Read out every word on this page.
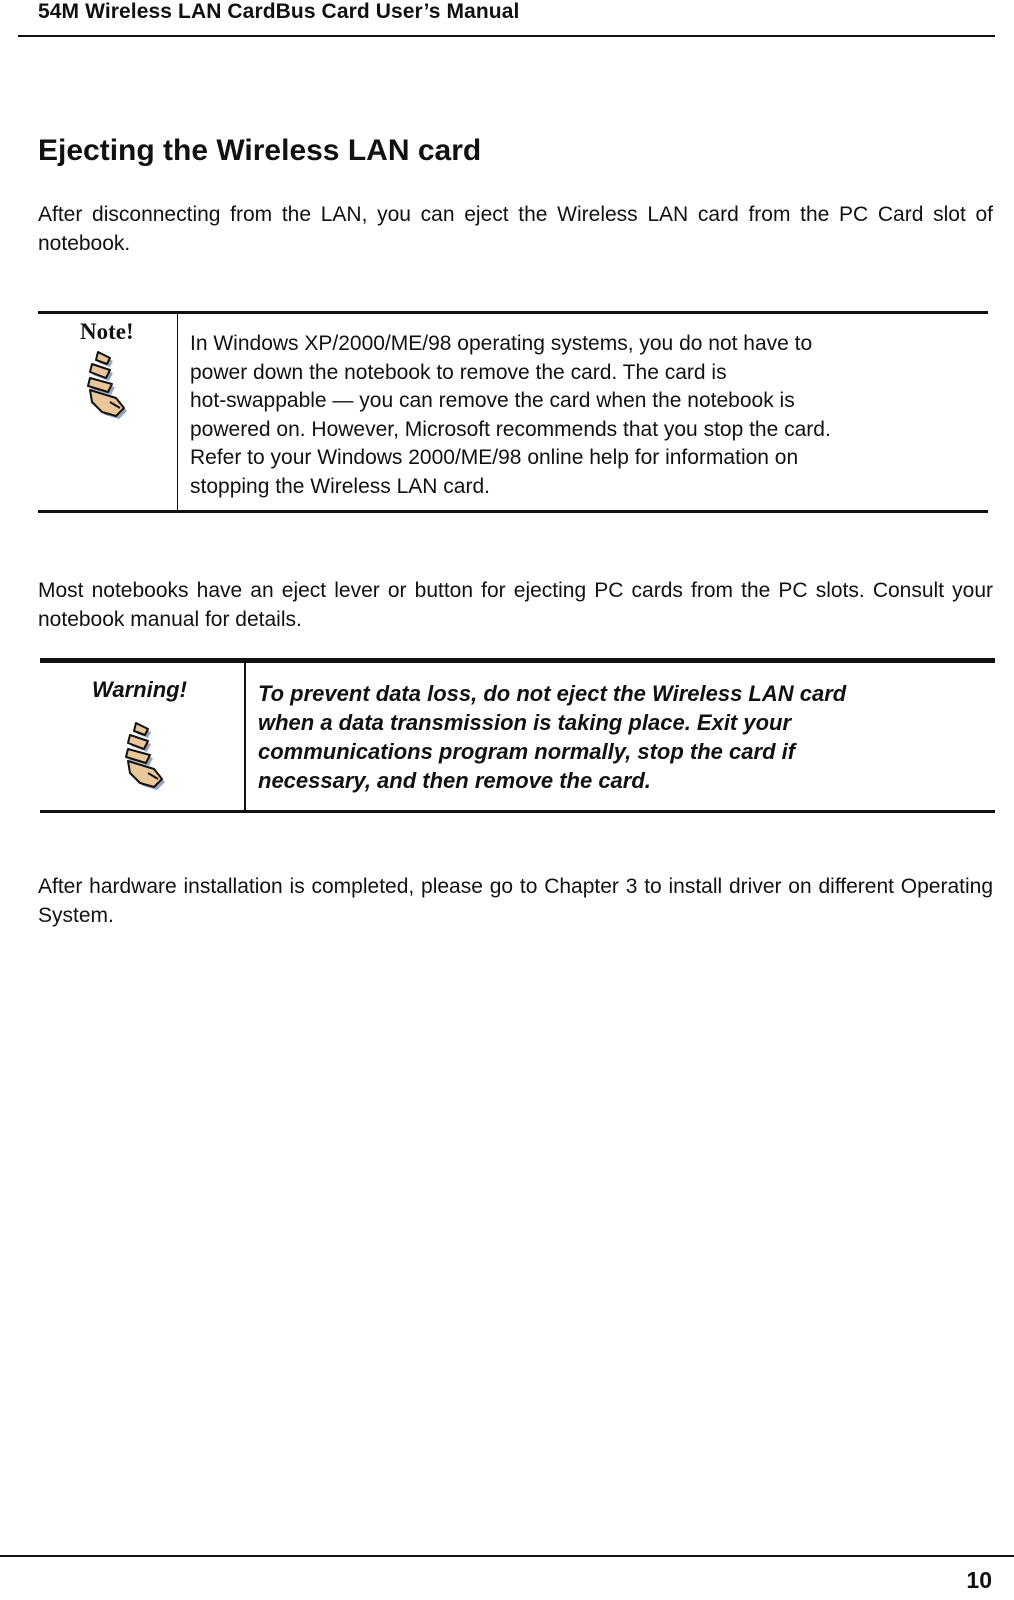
54M Wireless LAN CardBus Card User’s Manual
Ejecting the Wireless LAN card
After disconnecting from the LAN, you can eject the Wireless LAN card from the PC Card slot of notebook.
Note!	In Windows XP/2000/ME/98 operating systems, you do not have to
power down the notebook to remove the card. The card is
hot-swappable — you can remove the card when the notebook is
powered on. However, Microsoft recommends that you stop the card.
Refer to your Windows 2000/ME/98 online help for information on
stopping the Wireless LAN card.
Most notebooks have an eject lever or button for ejecting PC cards from the PC slots. Consult your notebook manual for details.
Warning!	To prevent data loss, do not eject the Wireless LAN card
when a data transmission is taking place. Exit your
communications program normally, stop the card if
necessary, and then remove the card.
After hardware installation is completed, please go to Chapter 3 to install driver on different Operating System.
10
